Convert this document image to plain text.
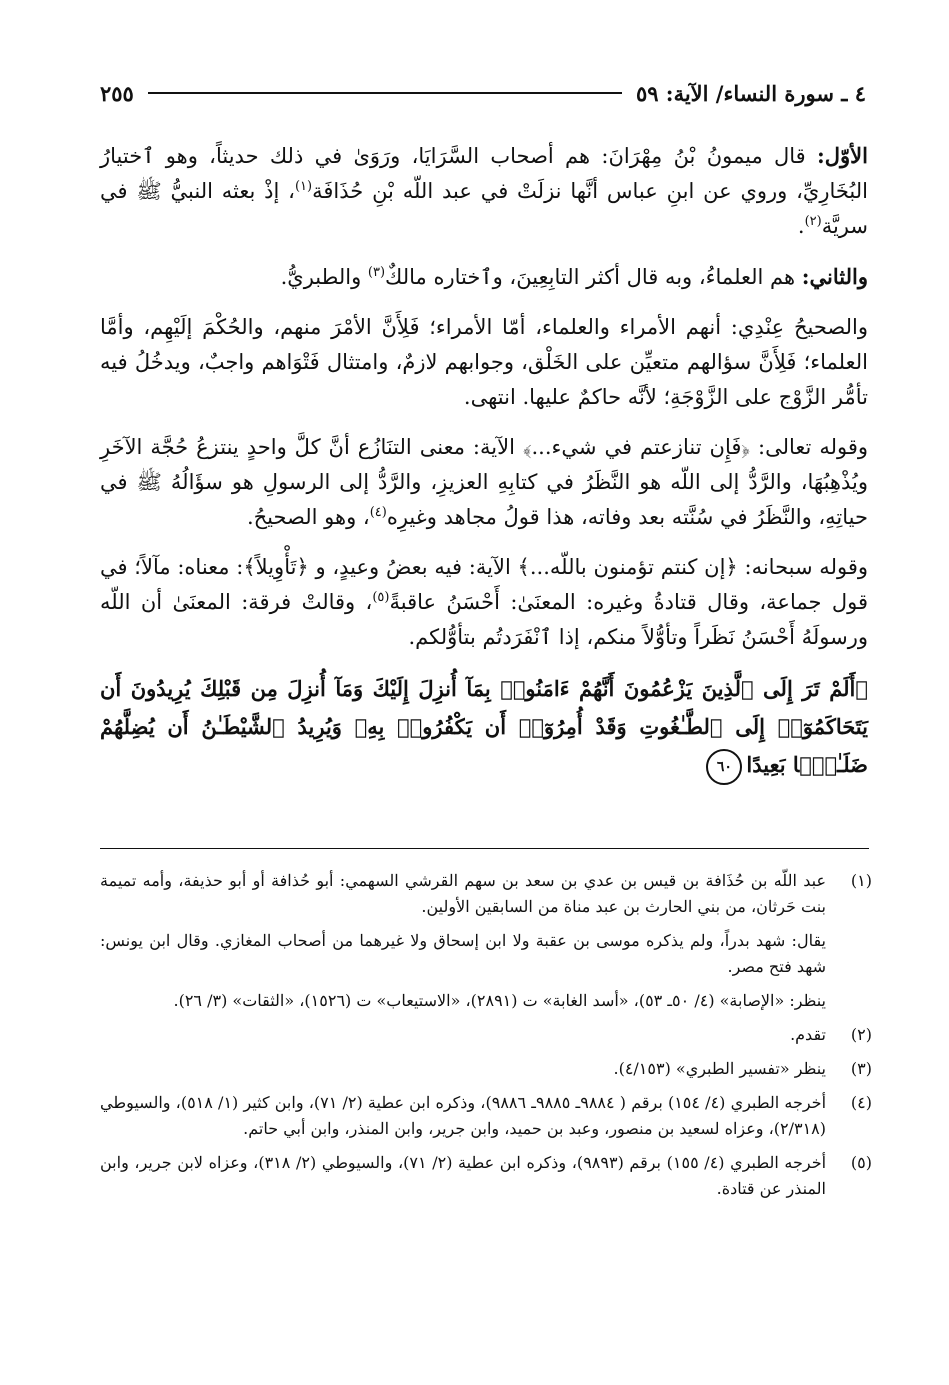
٤ ـ سورة النساء/ الآية: ٥٩
٢٥٥

الأوّل: قال ميمونُ بْنُ مِهْرَانَ: هم أصحاب السَّرَايَا، ورَوَىٰ في ذلك حديثاً، وهو ٱختيارُ البُخَارِيِّ، وروي عن ابنِ عباس أنَّها نزلَتْ في عبد اللّه بْنِ حُذَافَة$^{(١)}$، إذْ بعثه النبيُّ ﷺ في سريَّة$^{(٢)}$.

والثاني: هم العلماءُ، وبه قال أكثر التابِعِينَ، وٱختاره مالكٌ$^{(٣)}$ والطبريُّ.

والصحيحُ عِنْدِي: أنهم الأمراء والعلماء، أمّا الأمراء؛ فَلِأَنَّ الأمْرَ منهم، والحُكْمَ إلَيْهِم، وأمَّا العلماء؛ فَلِأَنَّ سؤالهم متعيِّن على الخَلْق، وجوابهم لازمٌ، وامتثال فَتْوَاهم واجبٌ، ويدخُلُ فيه تأمُّر الزَّوْج على الزَّوْجَةِ؛ لأنَّه حاكمٌ عليها. انتهى.

وقوله تعالى: ﴿فَإِن تنازعتم في شيء...﴾ الآية: معنى التنَازُع أنَّ كلَّ واحدٍ ينتزعُ حُجَّة الآخَرِ ويُذْهِبُهَا، والرَّدُّ إلى اللّه هو النَّظَرُ في كتابِهِ العزيزِ، والرَّدُّ إلى الرسولِ هو سؤَالُهُ ﷺ في حياتِهِ، والنَّظَرُ في سُنَّته بعد وفاته، هذا قولُ مجاهد وغيرِه$^{(٤)}$، وهو الصحيحُ.

وقوله سبحانه: ﴿إن كنتم تؤمنون باللّه...﴾ الآية: فيه بعضُ وعيدٍ، و ﴿تَأْوِيلاً﴾: معناه: مآلاً؛ في قول جماعة، وقال قتادةُ وغيره: المعنَىٰ: أَحْسَنُ عاقبةً$^{(٥)}$، وقالتْ فرقة: المعنَىٰ أن اللّه ورسولَهُ أَحْسَنُ نَظَراً وتأوُّلاً منكم، إذا ٱنْفَرَدتُم بتأوُّلكم.

﴿أَلَمْ تَرَ إِلَى ٱلَّذِينَ يَزْعُمُونَ أَنَّهُمْ ءَامَنُوا۟ بِمَآ أُنزِلَ إِلَيْكَ وَمَآ أُنزِلَ مِن قَبْلِكَ يُرِيدُونَ أَن يَتَحَاكَمُوٓا۟ إِلَى ٱلطَّـٰغُوتِ وَقَدْ أُمِرُوٓا۟ أَن يَكْفُرُوا۟ بِهِۦ وَيُرِيدُ ٱلشَّيْطَـٰنُ أَن يُضِلَّهُمْ ضَلَـٰلًۢا بَعِيدًا٦٠

(١)

عبد اللّه بن حُذَافة بن قيس بن عدي بن سعد بن سهم القرشي السهمي: أبو حُذافة أو أبو حذيفة، وأمه تميمة بنت حَرثان، من بني الحارث بن عبد مناة من السابقين الأولين.

يقال: شهد بدراً، ولم يذكره موسى بن عقبة ولا ابن إسحاق ولا غيرهما من أصحاب المغازي. وقال ابن يونس: شهد فتح مصر.

ينظر: «الإصابة» (٤/ ٥٠ـ ٥٣)، «أسد الغابة» ت (٢٨٩١)، «الاستيعاب» ت (١٥٢٦)، «الثقات» (٣/ ٢٦).

(٢)

تقدم.

(٣)

ينظر «تفسير الطبري» (٤/١٥٣).

(٤)

أخرجه الطبري (٤/ ١٥٤) برقم ( ٩٨٨٤ـ ٩٨٨٥ـ ٩٨٨٦)، وذكره ابن عطية (٢/ ٧١)، وابن كثير (١/ ٥١٨)، والسيوطي (٢/٣١٨)، وعزاه لسعيد بن منصور، وعبد بن حميد، وابن جرير، وابن المنذر، وابن أبي حاتم.

(٥)

أخرجه الطبري (٤/ ١٥٥) برقم (٩٨٩٣)، وذكره ابن عطية (٢/ ٧١)، والسيوطي (٢/ ٣١٨)، وعزاه لابن جرير، وابن المنذر عن قتادة.
